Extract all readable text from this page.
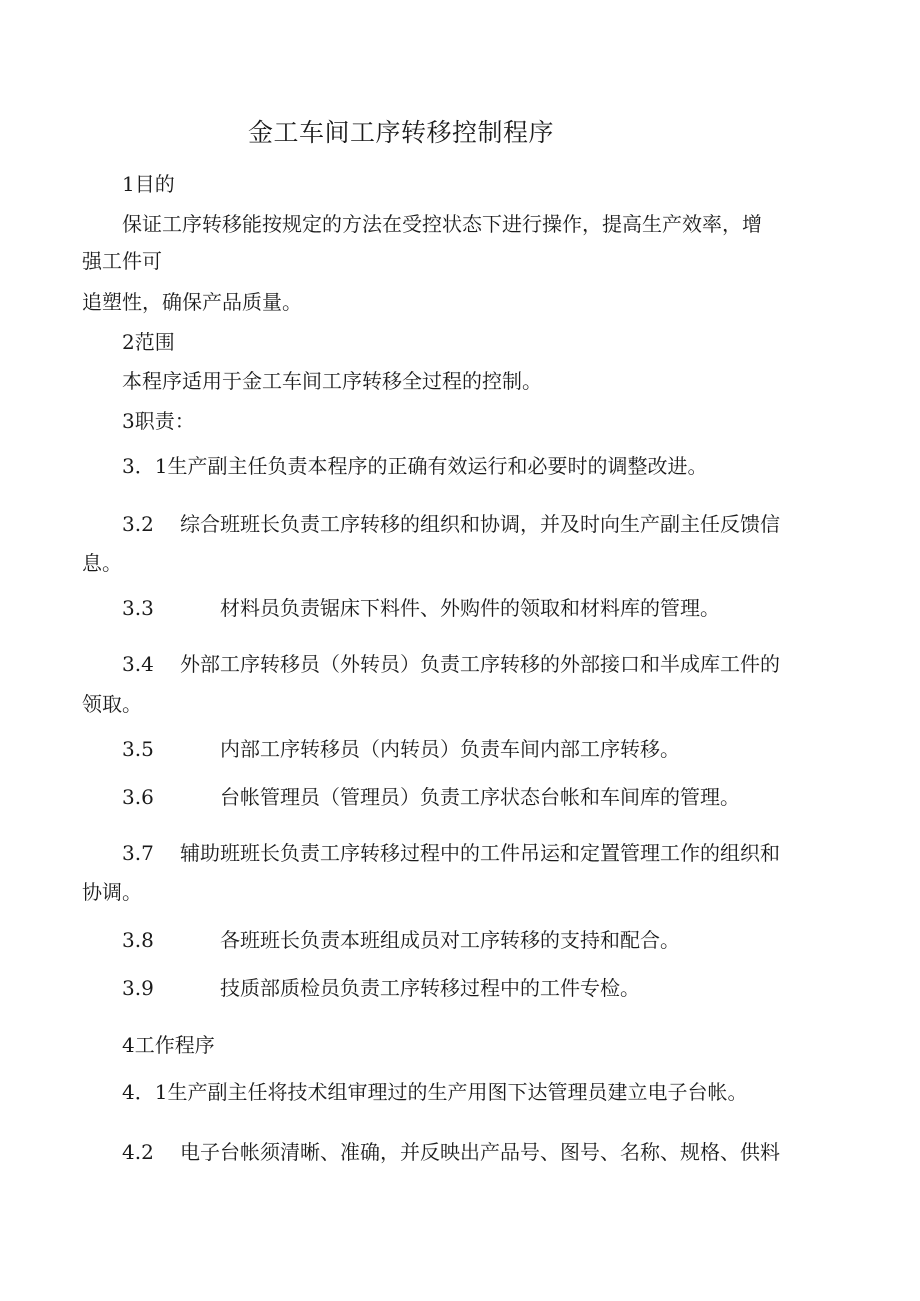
金工车间工序转移控制程序
1目的
保证工序转移能按规定的方法在受控状态下进行操作，提高生产效率，增
强工件可
追塑性，确保产品质量。
2范围
本程序适用于金工车间工序转移全过程的控制。
3职责：
3．1生产副主任负责本程序的正确有效运行和必要时的调整改进。
3.2 综合班班长负责工序转移的组织和协调，并及时向生产副主任反馈信
息。
3.3	材料员负责锯床下料件、外购件的领取和材料库的管理。
3.4 外部工序转移员（外转员）负责工序转移的外部接口和半成库工件的
领取。
3.5	内部工序转移员（内转员）负责车间内部工序转移。
3.6	台帐管理员（管理员）负责工序状态台帐和车间库的管理。
3.7 辅助班班长负责工序转移过程中的工件吊运和定置管理工作的组织和
协调。
3.8	各班班长负责本班组成员对工序转移的支持和配合。
3.9	技质部质检员负责工序转移过程中的工件专检。
4工作程序
4．1生产副主任将技术组审理过的生产用图下达管理员建立电子台帐。
4.2 电子台帐须清晰、准确，并反映出产品号、图号、名称、规格、供料
